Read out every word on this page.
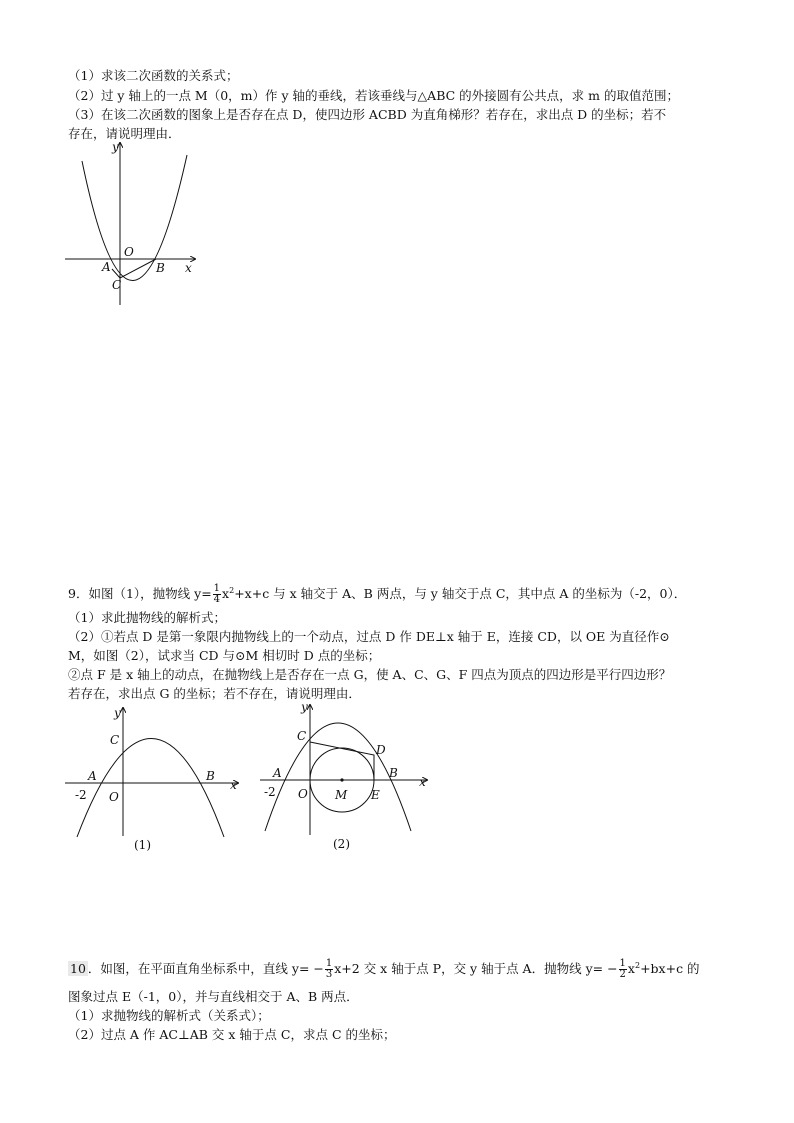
（1）求该二次函数的关系式；
（2）过 y 轴上的一点 M（0，m）作 y 轴的垂线，若该垂线与△ABC 的外接圆有公共点，求 m 的取值范围；
（3）在该二次函数的图象上是否存在点 D，使四边形 ACBD 为直角梯形？若存在，求出点 D 的坐标；若不
存在，请说明理由．
y
x
O
A	B
C
9．如图（1），抛物线 $y= \frac{1}{4} x^2+x+c$ 与 x 轴交于 A、B 两点，与 y 轴交于点 C，其中点 A 的坐标为（-2，0）．
（1）求此抛物线的解析式；
（2）①若点 D 是第一象限内抛物线上的一个动点，过点 D 作 DE⊥x 轴于 E，连接 CD，以 OE 为直径作⊙
M，如图（2），试求当 CD 与⊙M 相切时 D 点的坐标；
②点 F 是 x 轴上的动点，在抛物线上是否存在一点 G，使 A、C、G、F 四点为顶点的四边形是平行四边形？
若存在，求出点 G 的坐标；若不存在，请说明理由．
y
x
C
A	B
O
-2
(1)
y
x
C
D
A	B
O M E
-2
(2)
10 ．如图，在平面直角坐标系中，直线 $y= - \frac{1}{3} x+2$ 交 x 轴于点 P，交 y 轴于点 A．抛物线 $y= - \frac{1}{2} x^2+bx+c$ 的
图象过点 E（-1，0），并与直线相交于 A、B 两点．
（1）求抛物线的解析式（关系式）；
（2）过点 A 作 AC⊥AB 交 x 轴于点 C，求点 C 的坐标；
